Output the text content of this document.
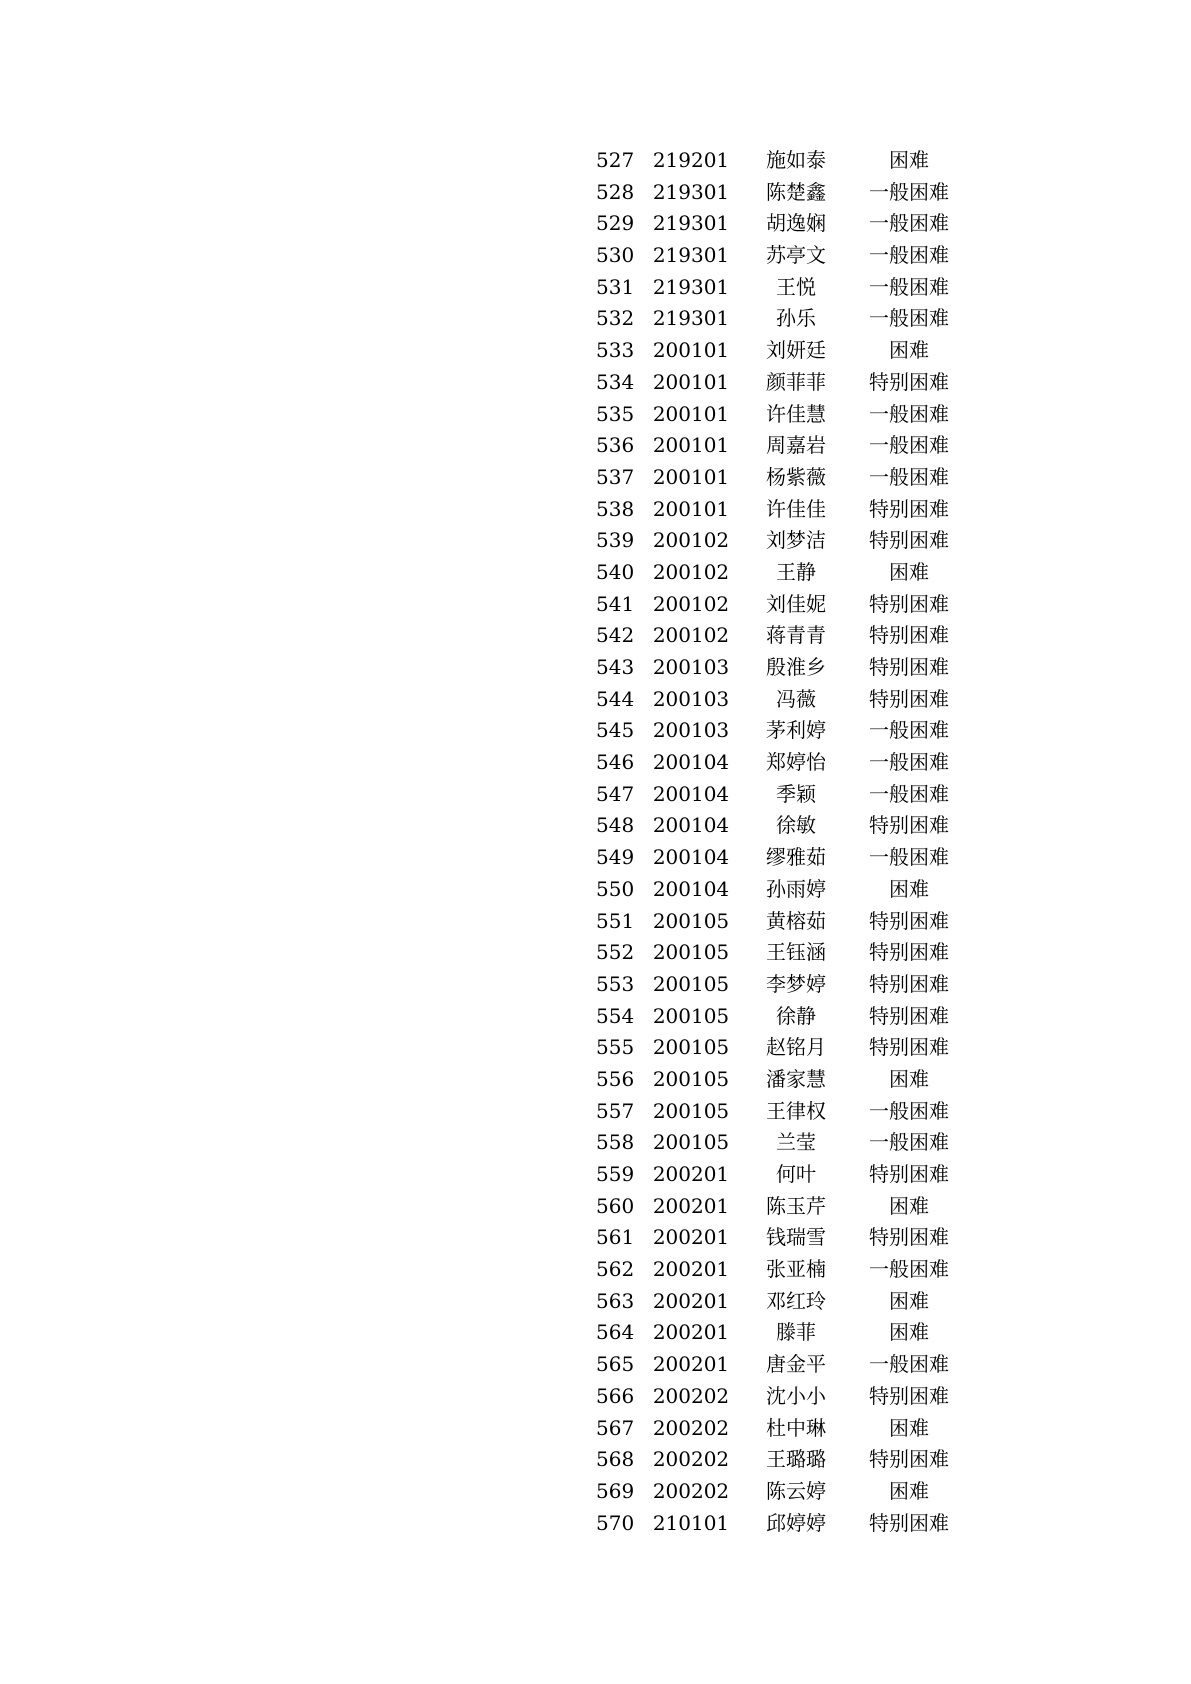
527 219201	施如泰	困难
528 219301	陈楚鑫	一般困难
529 219301	胡逸娴	一般困难
530 219301	苏亭文	一般困难
531 219301	王悦	一般困难
532 219301	孙乐	一般困难
533 200101	刘妍廷	困难
534 200101	颜菲菲	特别困难
535 200101	许佳慧	一般困难
536 200101	周嘉岩	一般困难
537 200101	杨紫薇	一般困难
538 200101	许佳佳	特别困难
539 200102	刘梦洁	特别困难
540 200102	王静	困难
541 200102	刘佳妮	特别困难
542 200102	蒋青青	特别困难
543 200103	殷淮乡	特别困难
544 200103	冯薇	特别困难
545 200103	茅利婷	一般困难
546 200104	郑婷怡	一般困难
547 200104	季颖	一般困难
548 200104	徐敏	特别困难
549 200104	缪雅茹	一般困难
550 200104	孙雨婷	困难
551 200105	黄榕茹	特别困难
552 200105	王钰涵	特别困难
553 200105	李梦婷	特别困难
554 200105	徐静	特别困难
555 200105	赵铭月	特别困难
556 200105	潘家慧	困难
557 200105	王律权	一般困难
558 200105	兰莹	一般困难
559 200201	何叶	特别困难
560 200201	陈玉芹	困难
561 200201	钱瑞雪	特别困难
562 200201	张亚楠	一般困难
563 200201	邓红玲	困难
564 200201	滕菲	困难
565 200201	唐金平	一般困难
566 200202	沈小小	特别困难
567 200202	杜中琳	困难
568 200202	王璐璐	特别困难
569 200202	陈云婷	困难
570 210101	邱婷婷	特别困难
